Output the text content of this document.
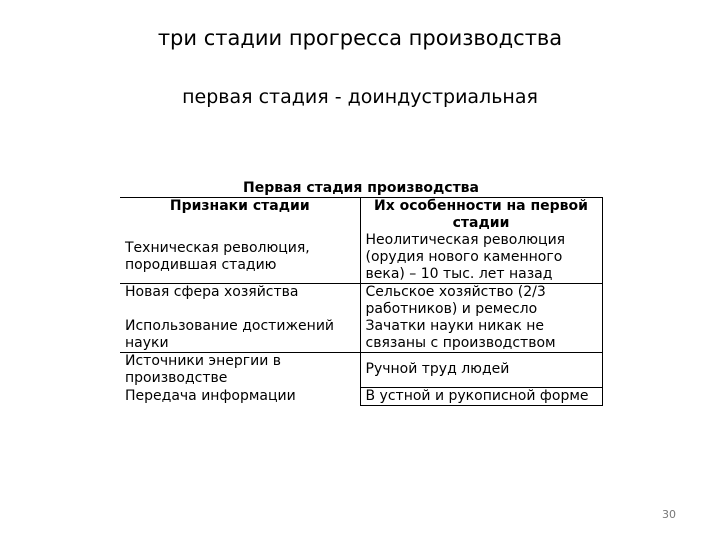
три стадии прогресса производства
первая стадия - доиндустриальная
Первая стадия производства
Признаки стадии	Их особенности на первой стадии
Техническая революция, породившая стадию	Неолитическая революция (орудия нового каменного века) – 10 тыс. лет назад
Новая сфера хозяйства	Сельское хозяйство (2/3 работников) и ремесло
Использование достижений науки	Зачатки науки никак не связаны с производством
Источники энергии в производстве	Ручной труд людей
Передача информации	В устной и рукописной форме
30
